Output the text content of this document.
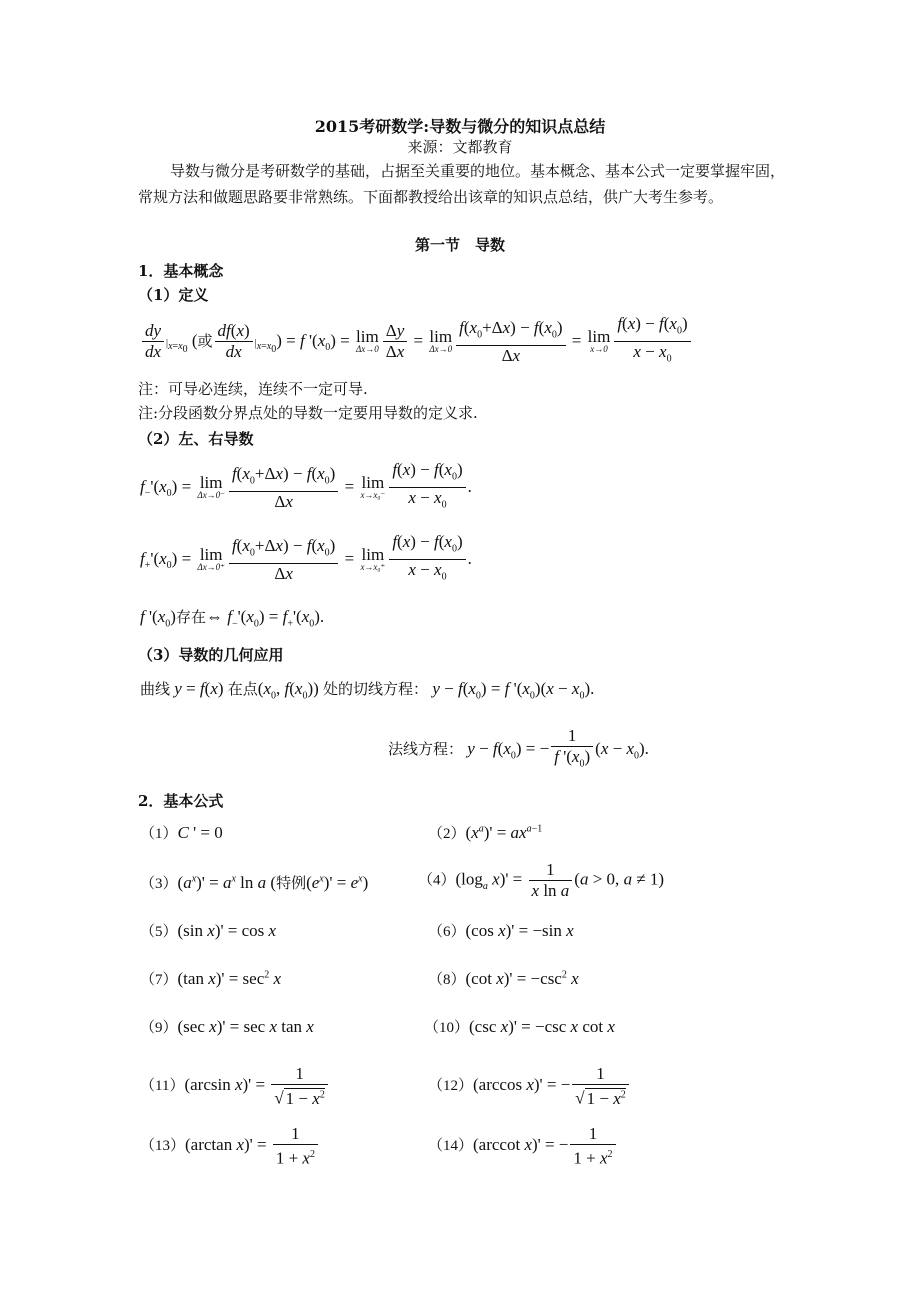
2015考研数学:导数与微分的知识点总结
来源：文都教育
导数与微分是考研数学的基础，占据至关重要的地位。基本概念、基本公式一定要掌握牢固，常规方法和做题思路要非常熟练。下面都教授给出该章的知识点总结，供广大考生参考。
第一节　导数
1．基本概念
（1）定义
$\frac{dy}{dx} |_{x=x_0}$ (或 $\frac{df(x)}{dx} |_{x=x_0}) = f$ '$(x_0) = \lim$
$\Delta x\to 0 \frac{\Delta y}{\Delta x} = \lim$
$\Delta x\to 0 \frac{f(x_0+\Delta x) - f(x_0)}{\Delta x} = \lim$
$x\to 0 \frac{f(x) - f(x_0)}{x - x_0}$
注：可导必连续，连续不一定可导.
注:分段函数分界点处的导数一定要用导数的定义求.
（2）左、右导数
$f_-'(x_0) = \lim$
$\Delta x\to 0^- \frac{f(x_0+\Delta x) - f(x_0)}{\Delta x} = \lim$
$x\to x_0^- \frac{f(x) - f(x_0)}{x - x_0}$ .
$f_+'(x_0) = \lim$
$\Delta x\to 0^+ \frac{f(x_0+\Delta x) - f(x_0)}{\Delta x} = \lim$
$x\to x_0^+ \frac{f(x) - f(x_0)}{x - x_0}$ .
f '$(x_0)$存在⇔ $f_-'(x_0) = f_+'(x_0)$.
（3）导数的几何应用
曲线 y = f(x) 在点($x_0$, $f(x_0)$) 处的切线方程： $y - f(x_0) = f$ '$(x_0)(x - x_0)$.
法线方程： $y - f(x_0)$ = − $\frac{1}{f '(x_0)} (x - x_0)$.
2．基本公式
（1）C ' = 0	$(2)(x^a)' = ax^{a-1}$
$(3)(a^x)' = a^x$ ln a (特例$(e^x)' = e^x$)	$(4)(\log_a$ $x)' = \frac{1}{\text{x ln a}} (a > 0$, a ≠ 1)
（5）(sin x)' = cos x	（6）(cos x)' = −sin x
（7）(tan $x)' = \sec^2 x$	（8）(cot $x)' = -\csc^2$ x
（9）(sec x)' = sec x tan x	（10）(csc x)' = −csc x cot x
（11）(arcsin $x)' = \frac{1}{√ 1 - x^2}$	（12）(arccos x)' = − $\frac{1}{√ 1 - x^2}$
（13）(arctan $x)' = \frac{1}{1 + x^2}$	（14）(arccot x)' = − $\frac{1}{1 + x^2}$
